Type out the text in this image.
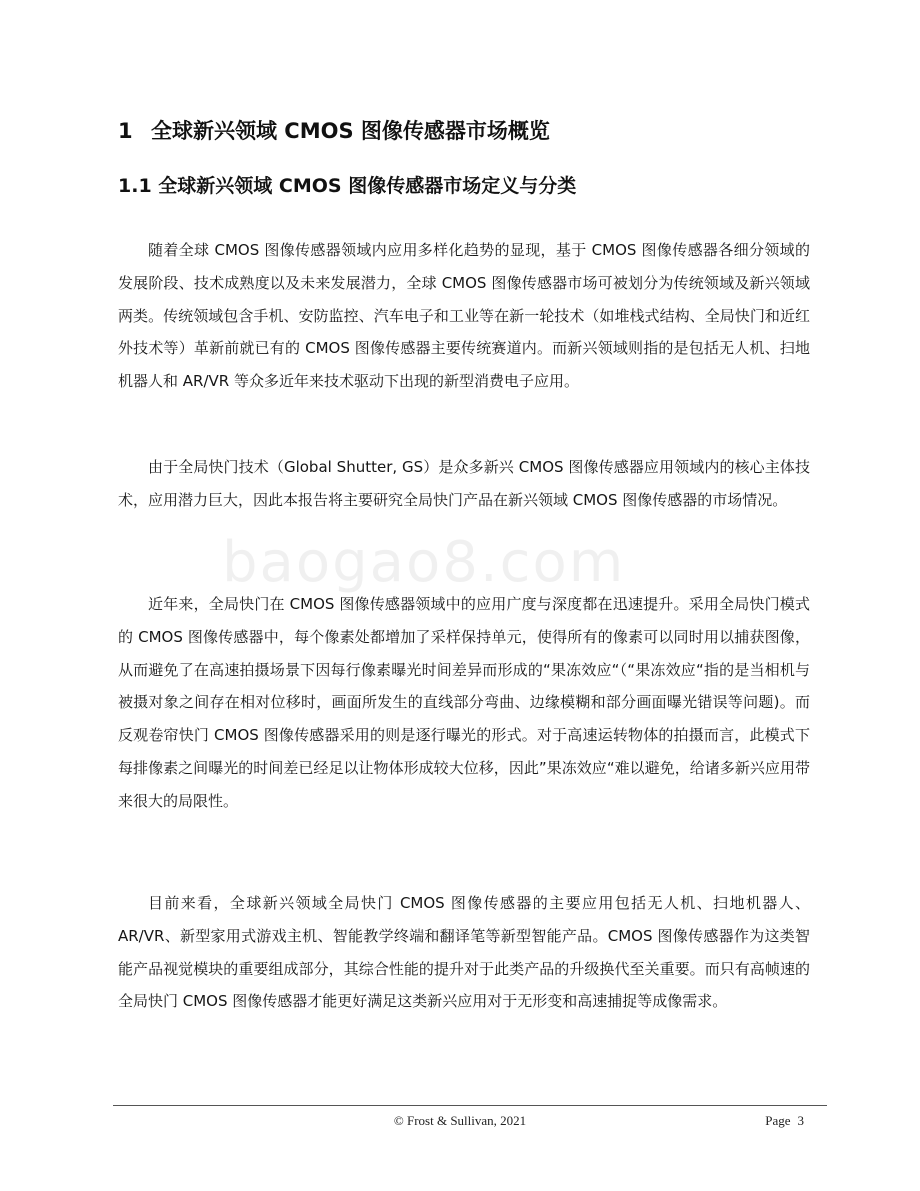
baogao8.com
1 全球新兴领域 CMOS 图像传感器市场概览
1.1 全球新兴领域 CMOS 图像传感器市场定义与分类

随着全球 CMOS 图像传感器领域内应用多样化趋势的显现，基于 CMOS 图像传感器各细分领域的发展阶段、技术成熟度以及未来发展潜力，全球 CMOS 图像传感器市场可被划分为传统领域及新兴领域两类。传统领域包含手机、安防监控、汽车电子和工业等在新一轮技术（如堆栈式结构、全局快门和近红外技术等）革新前就已有的 CMOS 图像传感器主要传统赛道内。而新兴领域则指的是包括无人机、扫地机器人和 AR/VR 等众多近年来技术驱动下出现的新型消费电子应用。

由于全局快门技术（Global Shutter, GS）是众多新兴 CMOS 图像传感器应用领域内的核心主体技术，应用潜力巨大，因此本报告将主要研究全局快门产品在新兴领域 CMOS 图像传感器的市场情况。

近年来，全局快门在 CMOS 图像传感器领域中的应用广度与深度都在迅速提升。采用全局快门模式的 CMOS 图像传感器中，每个像素处都增加了采样保持单元，使得所有的像素可以同时用以捕获图像，从而避免了在高速拍摄场景下因每行像素曝光时间差异而形成的“果冻效应“（“果冻效应“指的是当相机与被摄对象之间存在相对位移时，画面所发生的直线部分弯曲、边缘模糊和部分画面曝光错误等问题)。而反观卷帘快门 CMOS 图像传感器采用的则是逐行曝光的形式。对于高速运转物体的拍摄而言，此模式下每排像素之间曝光的时间差已经足以让物体形成较大位移，因此”果冻效应“难以避免，给诸多新兴应用带来很大的局限性。

目前来看，全球新兴领域全局快门 CMOS 图像传感器的主要应用包括无人机、扫地机器人、AR/VR、新型家用式游戏主机、智能教学终端和翻译笔等新型智能产品。CMOS 图像传感器作为这类智能产品视觉模块的重要组成部分，其综合性能的提升对于此类产品的升级换代至关重要。而只有高帧速的全局快门 CMOS 图像传感器才能更好满足这类新兴应用对于无形变和高速捕捉等成像需求。

© Frost & Sullivan, 2021	Page 3
